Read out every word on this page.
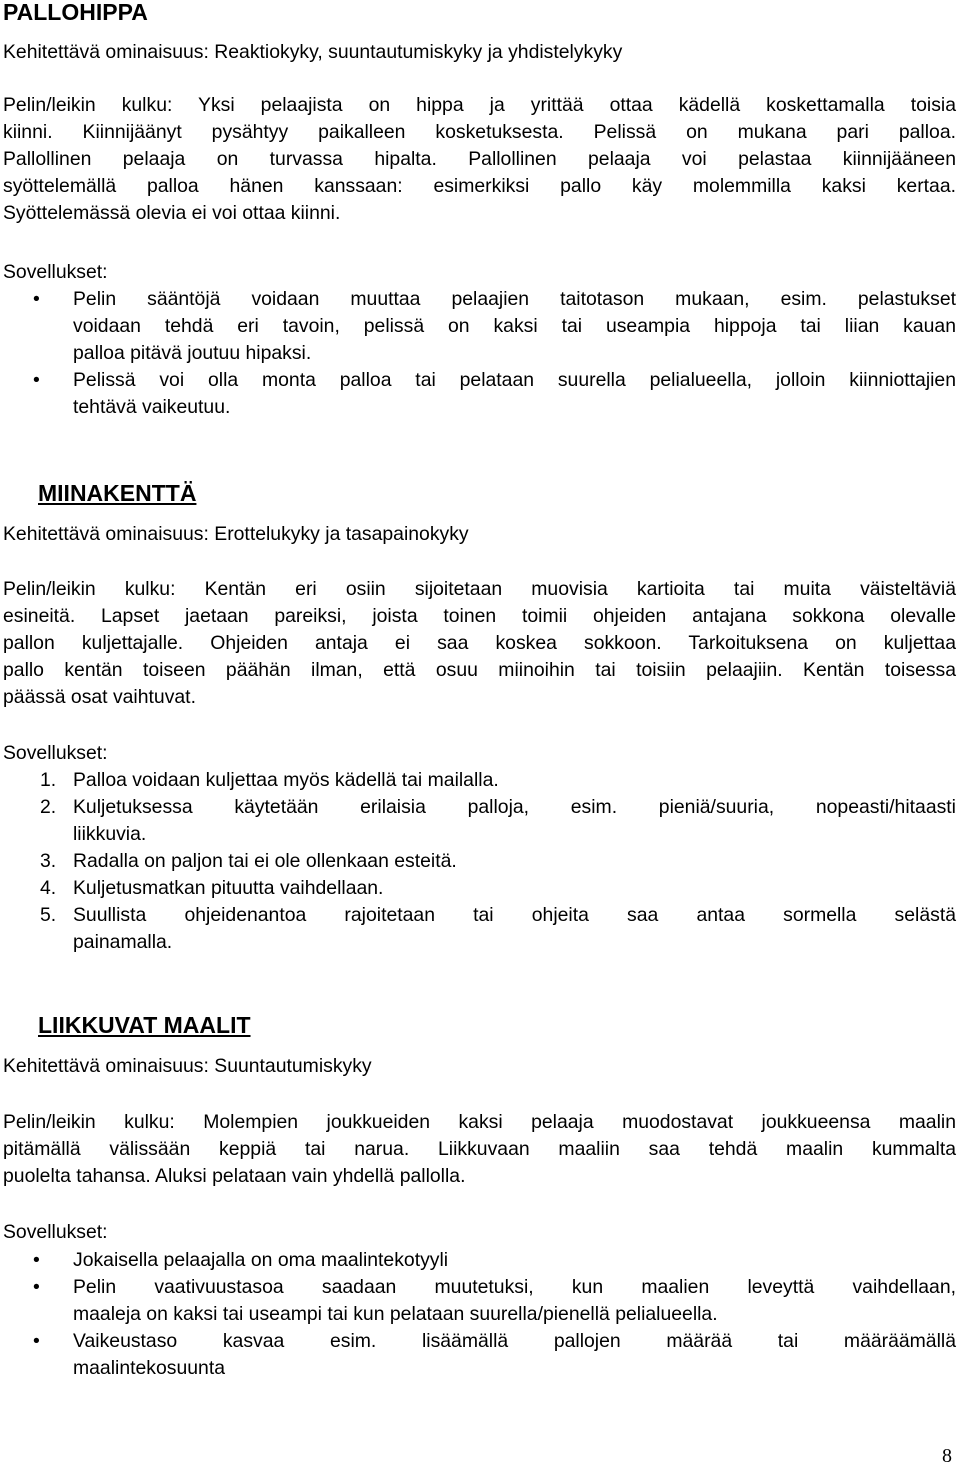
PALLOHIPPA
Kehitettävä ominaisuus: Reaktiokyky, suuntautumiskyky ja yhdistelykyky

Pelin/leikin kulku: Yksi pelaajista on hippa ja yrittää ottaa kädellä koskettamalla toisia

kiinni. Kiinnijäänyt pysähtyy paikalleen kosketuksesta. Pelissä on mukana pari palloa.

Pallollinen pelaaja on turvassa hipalta. Pallollinen pelaaja voi pelastaa kiinnijääneen

syöttelemällä palloa hänen kanssaan: esimerkiksi pallo käy molemmilla kaksi kertaa.

Syöttelemässä olevia ei voi ottaa kiinni.

Sovellukset:
• Pelin sääntöjä voidaan muuttaa pelaajien taitotason mukaan, esim. pelastukset
voidaan tehdä eri tavoin, pelissä on kaksi tai useampia hippoja tai liian kauan
palloa pitävä joutuu hipaksi.
• Pelissä voi olla monta palloa tai pelataan suurella pelialueella, jolloin kiinniottajien
tehtävä vaikeutuu.
MIINAKENTTÄ
Kehitettävä ominaisuus: Erottelukyky ja tasapainokyky

Pelin/leikin kulku: Kentän eri osiin sijoitetaan muovisia kartioita tai muita väisteltäviä

esineitä. Lapset jaetaan pareiksi, joista toinen toimii ohjeiden antajana sokkona olevalle

pallon kuljettajalle. Ohjeiden antaja ei saa koskea sokkoon. Tarkoituksena on kuljettaa

pallo kentän toiseen päähän ilman, että osuu miinoihin tai toisiin pelaajiin. Kentän toisessa

päässä osat vaihtuvat.

Sovellukset:
1. Palloa voidaan kuljettaa myös kädellä tai mailalla.
2. Kuljetuksessa käytetään erilaisia palloja, esim. pieniä/suuria, nopeasti/hitaasti
liikkuvia.
3. Radalla on paljon tai ei ole ollenkaan esteitä.
4. Kuljetusmatkan pituutta vaihdellaan.
5. Suullista ohjeidenantoa rajoitetaan tai ohjeita saa antaa sormella selästä
painamalla.
LIIKKUVAT MAALIT
Kehitettävä ominaisuus: Suuntautumiskyky

Pelin/leikin kulku: Molempien joukkueiden kaksi pelaaja muodostavat joukkueensa maalin

pitämällä välissään keppiä tai narua. Liikkuvaan maaliin saa tehdä maalin kummalta

puolelta tahansa. Aluksi pelataan vain yhdellä pallolla.

Sovellukset:
• Jokaisella pelaajalla on oma maalintekotyyli
• Pelin vaativuustasoa saadaan muutetuksi, kun maalien leveyttä vaihdellaan,
maaleja on kaksi tai useampi tai kun pelataan suurella/pienellä pelialueella.
• Vaikeustaso kasvaa esim. lisäämällä pallojen määrää tai määräämällä
maalintekosuunta
8
